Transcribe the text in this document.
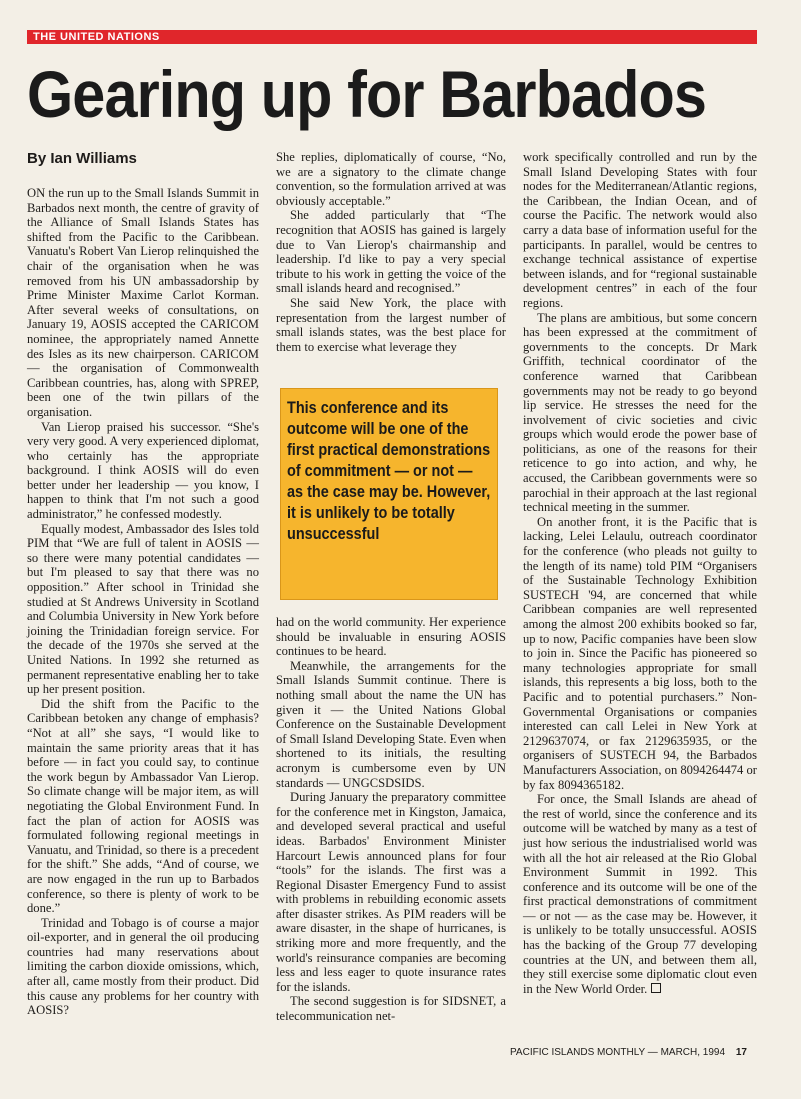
THE UNITED NATIONS
Gearing up for Barbados
By Ian Williams

ON the run up to the Small Islands Summit in Barbados next month, the centre of gravity of the Alliance of Small Islands States has shifted from the Pacific to the Caribbean. Vanuatu's Robert Van Lierop relinquished the chair of the organisation when he was removed from his UN ambassadorship by Prime Minister Maxime Carlot Korman. After several weeks of consultations, on January 19, AOSIS accepted the CARICOM nominee, the appropriately named Annette des Isles as its new chairperson. CARICOM — the organisation of Commonwealth Caribbean countries, has, along with SPREP, been one of the twin pillars of the organisation.

Van Lierop praised his successor. “She's very very good. A very experienced diplomat, who certainly has the appropriate background. I think AOSIS will do even better under her leadership — you know, I happen to think that I'm not such a good administrator,” he confessed modestly.

Equally modest, Ambassador des Isles told PIM that “We are full of talent in AOSIS — so there were many potential candidates — but I'm pleased to say that there was no opposition.” After school in Trinidad she studied at St Andrews University in Scotland and Columbia University in New York before joining the Trinidadian foreign service. For the decade of the 1970s she served at the United Nations. In 1992 she returned as permanent representative enabling her to take up her present position.

Did the shift from the Pacific to the Caribbean betoken any change of emphasis? “Not at all” she says, “I would like to maintain the same priority areas that it has before — in fact you could say, to continue the work begun by Ambassador Van Lierop. So climate change will be major item, as will negotiating the Global Environment Fund. In fact the plan of action for AOSIS was formulated following regional meetings in Vanuatu, and Trinidad, so there is a precedent for the shift.” She adds, “And of course, we are now engaged in the run up to Barbados conference, so there is plenty of work to be done.”

Trinidad and Tobago is of course a major oil-exporter, and in general the oil producing countries had many reservations about limiting the carbon dioxide omissions, which, after all, came mostly from their product. Did this cause any problems for her country with AOSIS?

She replies, diplomatically of course, “No, we are a signatory to the climate change convention, so the formulation arrived at was obviously acceptable.”

She added particularly that “The recognition that AOSIS has gained is largely due to Van Lierop's chairmanship and leadership. I'd like to pay a very special tribute to his work in getting the voice of the small islands heard and recognised.”

She said New York, the place with representation from the largest number of small islands states, was the best place for them to exercise what leverage they

This conference and its outcome will be one of the first practical demonstrations of commitment — or not — as the case may be. However, it is unlikely to be totally unsuccessful

had on the world community. Her experience should be invaluable in ensuring AOSIS continues to be heard.

Meanwhile, the arrangements for the Small Islands Summit continue. There is nothing small about the name the UN has given it — the United Nations Global Conference on the Sustainable Development of Small Island Developing State. Even when shortened to its initials, the resulting acronym is cumbersome even by UN standards — UNGCSDSIDS.

During January the preparatory committee for the conference met in Kingston, Jamaica, and developed several practical and useful ideas. Barbados' Environment Minister Harcourt Lewis announced plans for four “tools” for the islands. The first was a Regional Disaster Emergency Fund to assist with problems in rebuilding economic assets after disaster strikes. As PIM readers will be aware disaster, in the shape of hurricanes, is striking more and more frequently, and the world's reinsurance companies are becoming less and less eager to quote insurance rates for the islands.

The second suggestion is for SIDSNET, a telecommunication net-

work specifically controlled and run by the Small Island Developing States with four nodes for the Mediterranean/Atlantic regions, the Caribbean, the Indian Ocean, and of course the Pacific. The network would also carry a data base of information useful for the participants. In parallel, would be centres to exchange technical assistance of expertise between islands, and for “regional sustainable development centres” in each of the four regions.

The plans are ambitious, but some concern has been expressed at the commitment of governments to the concepts. Dr Mark Griffith, technical coordinator of the conference warned that Caribbean governments may not be ready to go beyond lip service. He stresses the need for the involvement of civic societies and civic groups which would erode the power base of politicians, as one of the reasons for their reticence to go into action, and why, he accused, the Caribbean governments were so parochial in their approach at the last regional technical meeting in the summer.

On another front, it is the Pacific that is lacking, Lelei Lelaulu, outreach coordinator for the conference (who pleads not guilty to the length of its name) told PIM “Organisers of the Sustainable Technology Exhibition SUSTECH '94, are concerned that while Caribbean companies are well represented among the almost 200 exhibits booked so far, up to now, Pacific companies have been slow to join in. Since the Pacific has pioneered so many technologies appropriate for small islands, this represents a big loss, both to the Pacific and to potential purchasers.” Non-Governmental Organisations or companies interested can call Lelei in New York at 2129637074, or fax 2129635935, or the organisers of SUSTECH 94, the Barbados Manufacturers Association, on 8094264474 or by fax 8094365182.

For once, the Small Islands are ahead of the rest of world, since the conference and its outcome will be watched by many as a test of just how serious the industrialised world was with all the hot air released at the Rio Global Environment Summit in 1992. This conference and its outcome will be one of the first practical demonstrations of commitment — or not — as the case may be. However, it is unlikely to be totally unsuccessful. AOSIS has the backing of the Group 77 developing countries at the UN, and between them all, they still exercise some diplomatic clout even in the New World Order.

PACIFIC ISLANDS MONTHLY — MARCH, 1994 17
